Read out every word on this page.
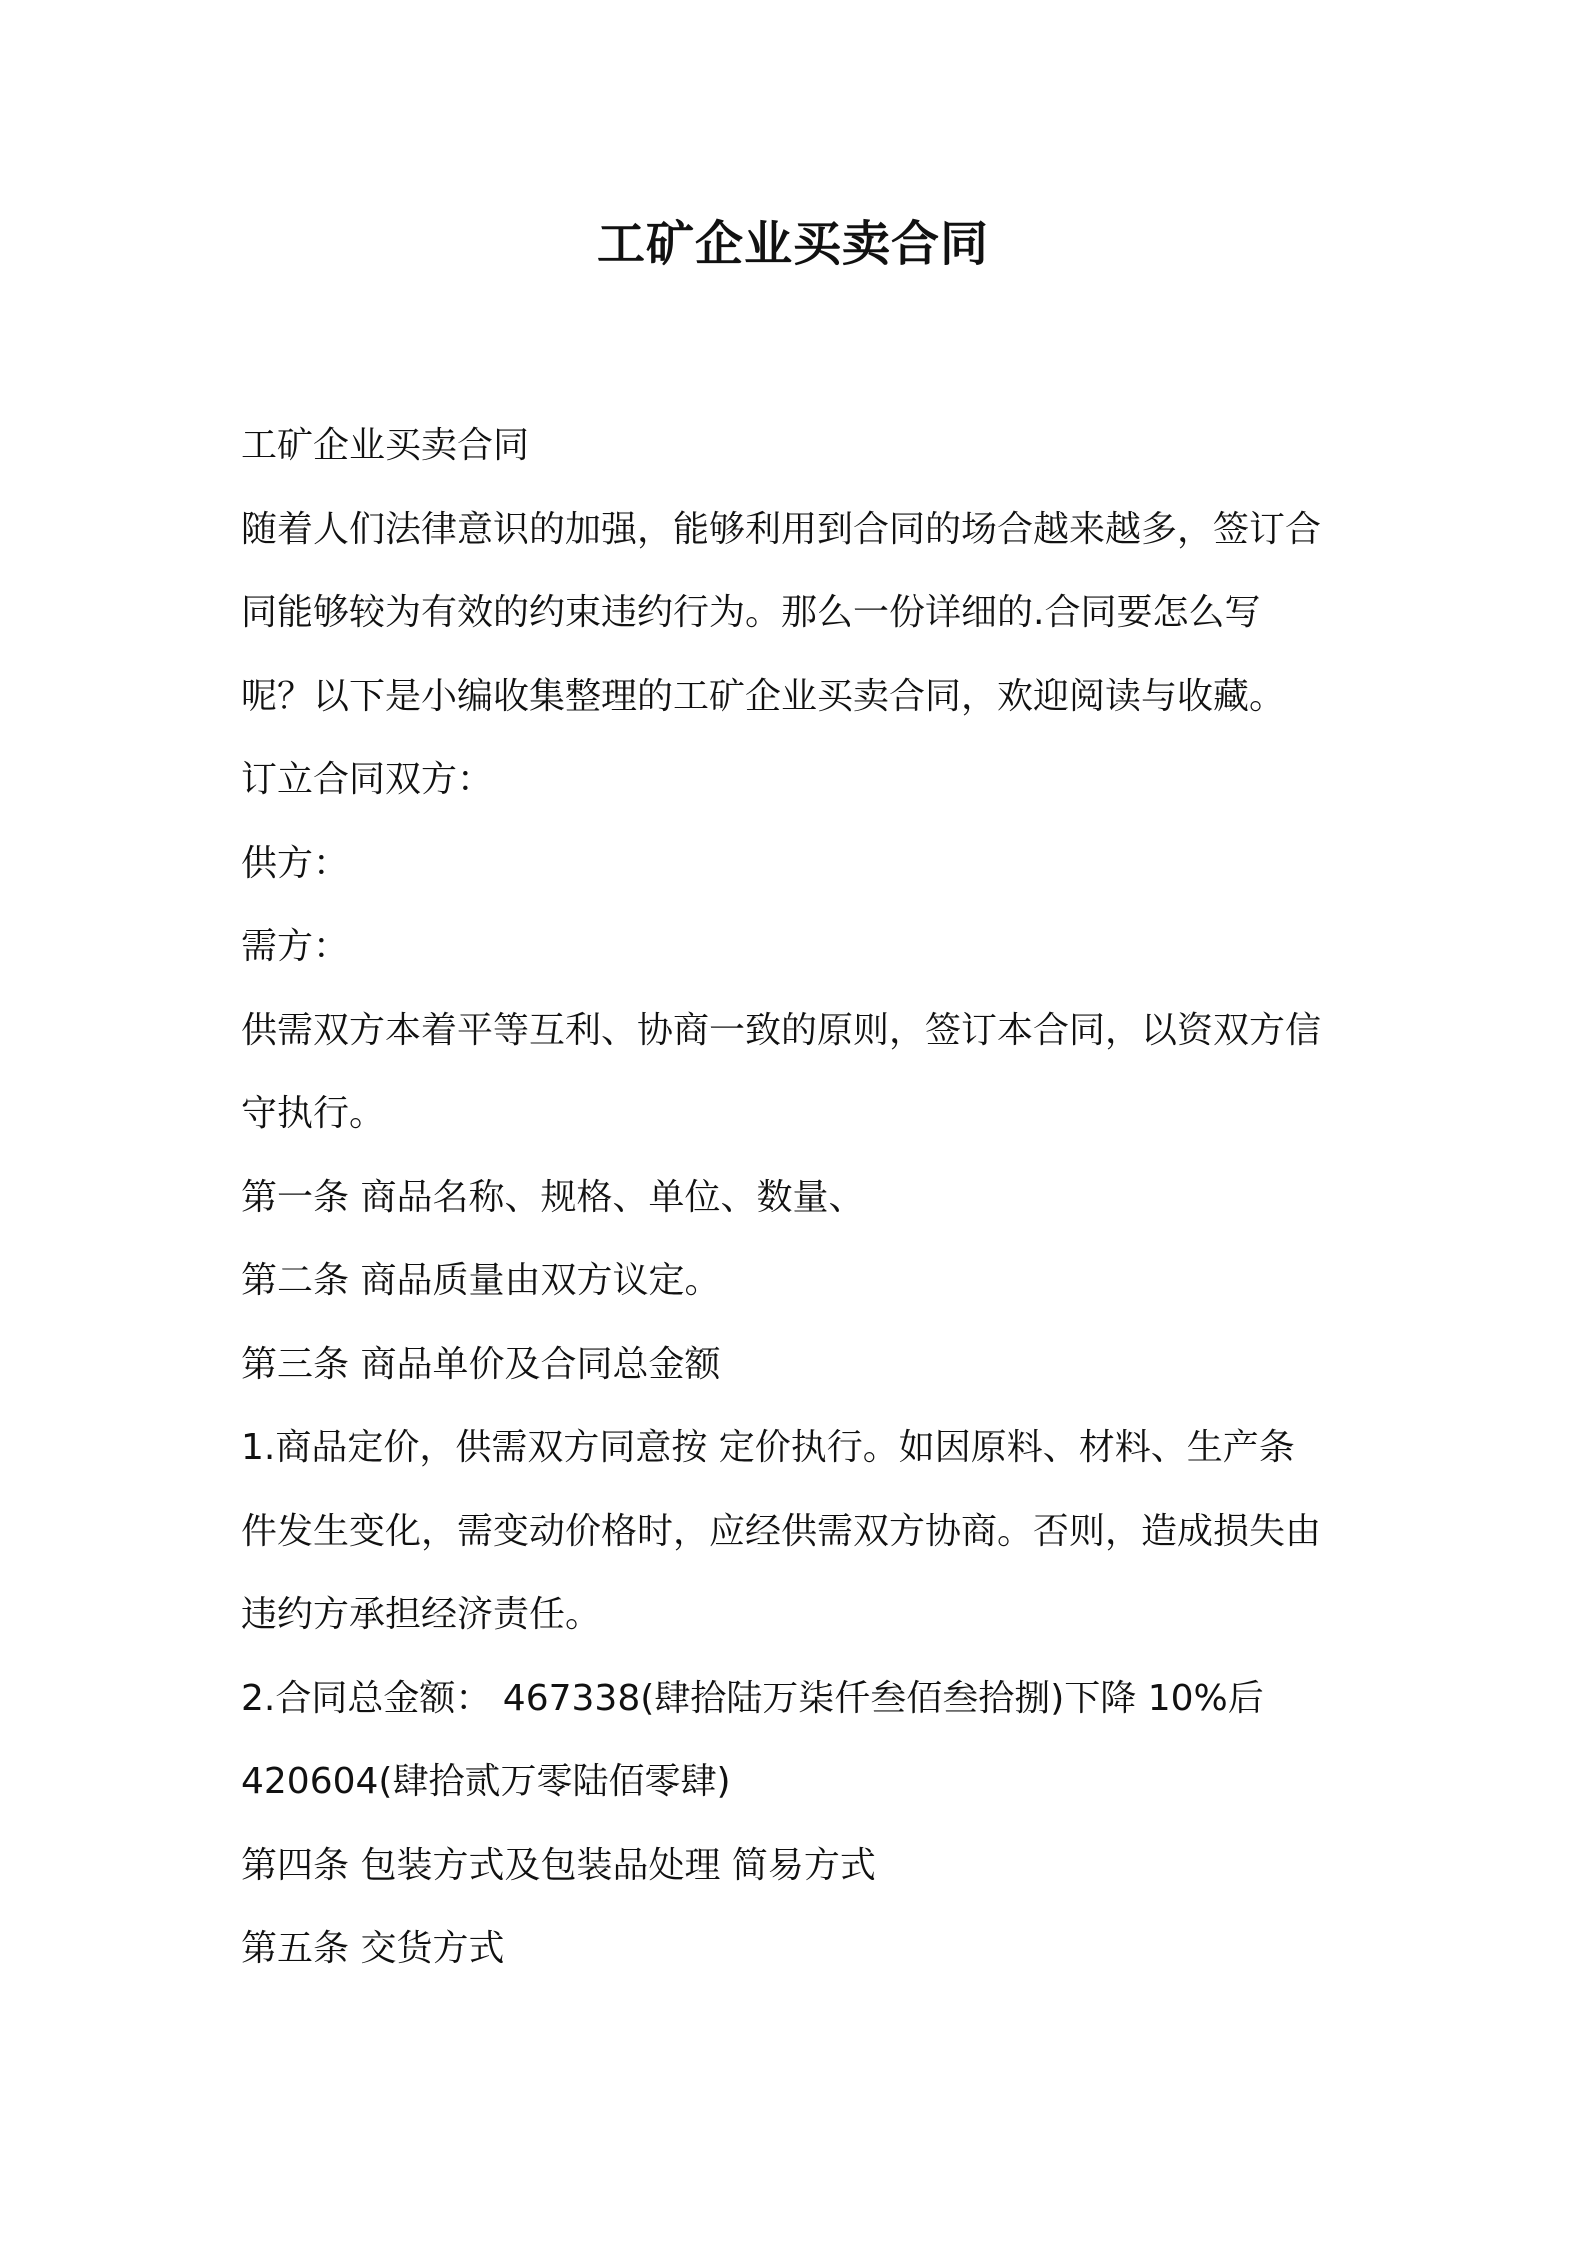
工矿企业买卖合同
工矿企业买卖合同
随着人们法律意识的加强，能够利用到合同的场合越来越多，签订合
同能够较为有效的约束违约行为。那么一份详细的.合同要怎么写
呢？以下是小编收集整理的工矿企业买卖合同，欢迎阅读与收藏。
订立合同双方：
供方：
需方：
供需双方本着平等互利、协商一致的原则，签订本合同，以资双方信
守执行。
第一条 商品名称、规格、单位、数量、
第二条 商品质量由双方议定。
第三条 商品单价及合同总金额
1.商品定价，供需双方同意按 定价执行。如因原料、材料、生产条
件发生变化，需变动价格时，应经供需双方协商。否则，造成损失由
违约方承担经济责任。
2.合同总金额： 467338(肆拾陆万柒仟叁佰叁拾捌)下降 10%后
420604(肆拾贰万零陆佰零肆)
第四条 包装方式及包装品处理 简易方式
第五条 交货方式
